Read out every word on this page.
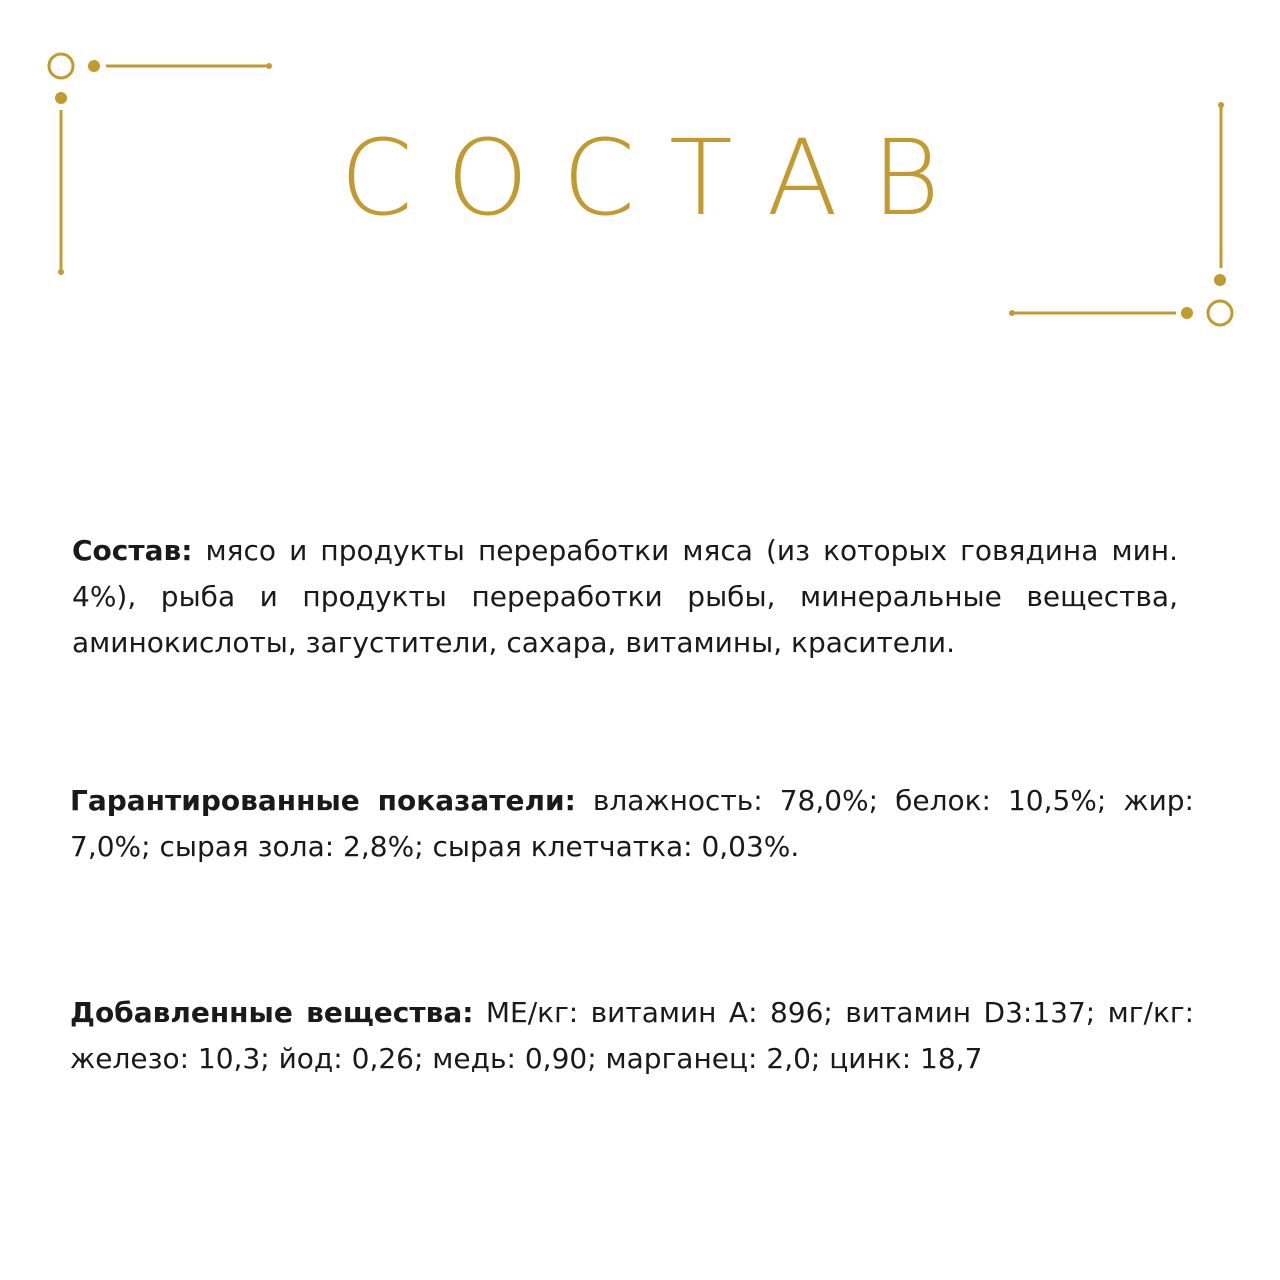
СОСТАВ

Состав: мясо и продукты переработки мяса (из которых говядина мин. 4%), рыба и продукты переработки рыбы, минеральные вещества, аминокислоты, загустители, сахара, витамины, красители.

Гарантированные показатели: влажность: 78,0%; белок: 10,5%; жир: 7,0%; сырая зола: 2,8%; сырая клетчатка: 0,03%.

Добавленные вещества: МЕ/кг: витамин А: 896; витамин D3:137; мг/кг: железо: 10,3; йод: 0,26; медь: 0,90; марганец: 2,0; цинк: 18,7
